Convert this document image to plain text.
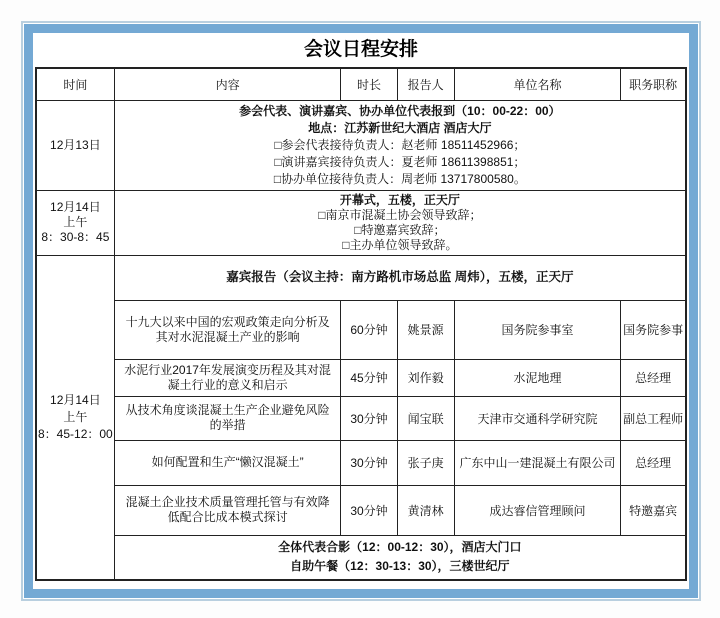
会议日程安排
时间	内容	时长	报告人	单位名称	职务职称
12月13日	参会代表、演讲嘉宾、协办单位代表报到（10：00-22：00）
地点：江苏新世纪大酒店 酒店大厅
□参会代表接待负责人：赵老师 18511452966；
□演讲嘉宾接待负责人：夏老师 18611398851；
□协办单位接待负责人：周老师 13717800580。				

12月14日
上午
8：30-8：45	开幕式，五楼，正天厅
□南京市混凝土协会领导致辞；
□特邀嘉宾致辞；
□主办单位领导致辞。				

12月14日
上午
8：45-12：00	嘉宾报告（会议主持：南方路机市场总监 周炜），五楼，正天厅				
	十九大以来中国的宏观政策走向分析及其对水泥混凝土产业的影响	60分钟	姚景源	国务院参事室	国务院参事
	水泥行业2017年发展演变历程及其对混凝土行业的意义和启示	45分钟	刘作毅	水泥地理	总经理
	从技术角度谈混凝土生产企业避免风险的举措	30分钟	闻宝联	天津市交通科学研究院	副总工程师
	如何配置和生产“懒汉混凝土”	30分钟	张子庚	广东中山一建混凝土有限公司	总经理
	混凝土企业技术质量管理托管与有效降低配合比成本模式探讨	30分钟	黄清林	成达睿信管理顾问	特邀嘉宾

	全体代表合影（12：00-12：30），酒店大门口
自助午餐（12：30-13：30），三楼世纪厅				
